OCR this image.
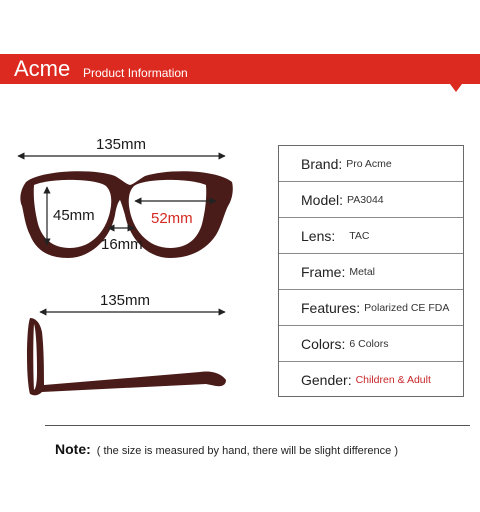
Acme Product Information
135mm
45mm	52mm
16mm
135mm
Brand: Pro Acme
Model: PA3044
Lens: TAC
Frame: Metal
Features: Polarized CE FDA
Colors: 6 Colors
Gender: Children & Adult
Note: ( the size is measured by hand, there will be slight difference )
